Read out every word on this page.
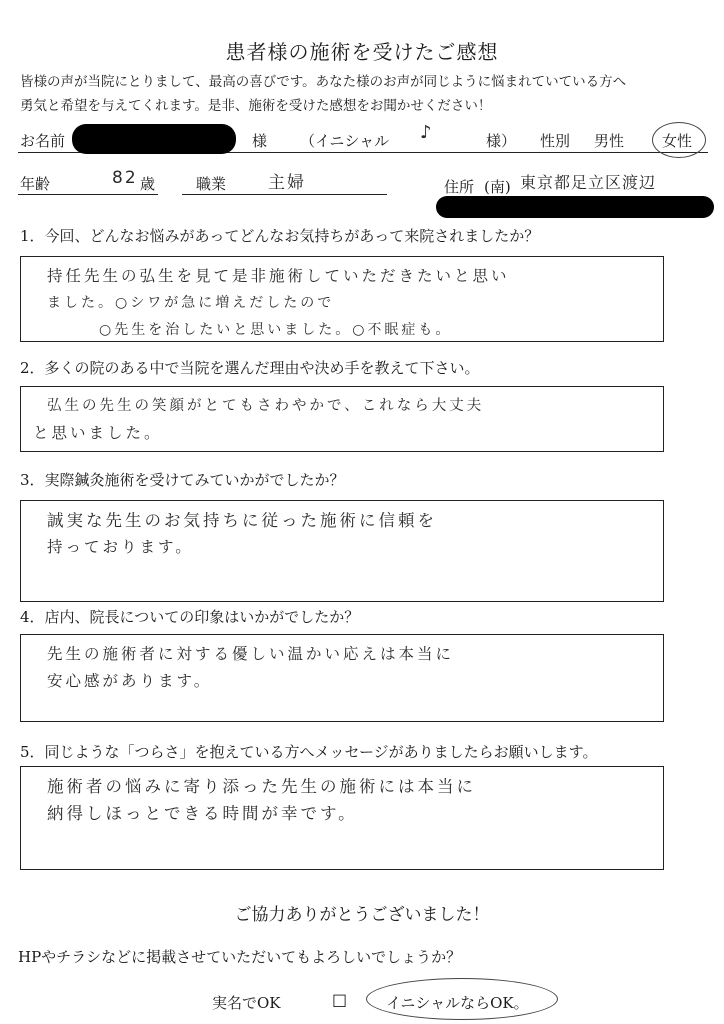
患者様の施術を受けたご感想
皆様の声が当院にとりまして、最高の喜びです。あなた様のお声が同じように悩まれていている方へ
勇気と希望を与えてくれます。是非、施術を受けた感想をお聞かせください！
お名前	様 （イニシャル ♪	様） 性別 男性	女性
年齢	82 歳	職業 主婦	住所 (南) 東京都足立区渡辺
1．今回、どんなお悩みがあってどんなお気持ちがあって来院されましたか？

持任先生の弘生を見て是非施術していただきたいと思い

ました。○シワが急に増えだしたので

○先生を治したいと思いました。○不眠症も。

2．多くの院のある中で当院を選んだ理由や決め手を教えて下さい。

弘生の先生の笑顔がとてもさわやかで、これなら大丈夫

と思いました。

3．実際鍼灸施術を受けてみていかがでしたか？

誠実な先生のお気持ちに従った施術に信頼を

持っております。

4．店内、院長についての印象はいかがでしたか？

先生の施術者に対する優しい温かい応えは本当に

安心感があります。

5．同じような「つらさ」を抱えている方へメッセージがありましたらお願いします。

施術者の悩みに寄り添った先生の施術には本当に

納得しほっとできる時間が幸です。

ご協力ありがとうございました！
HPやチラシなどに掲載させていただいてもよろしいでしょうか？
実名でOK	□	イニシャルならOK。
